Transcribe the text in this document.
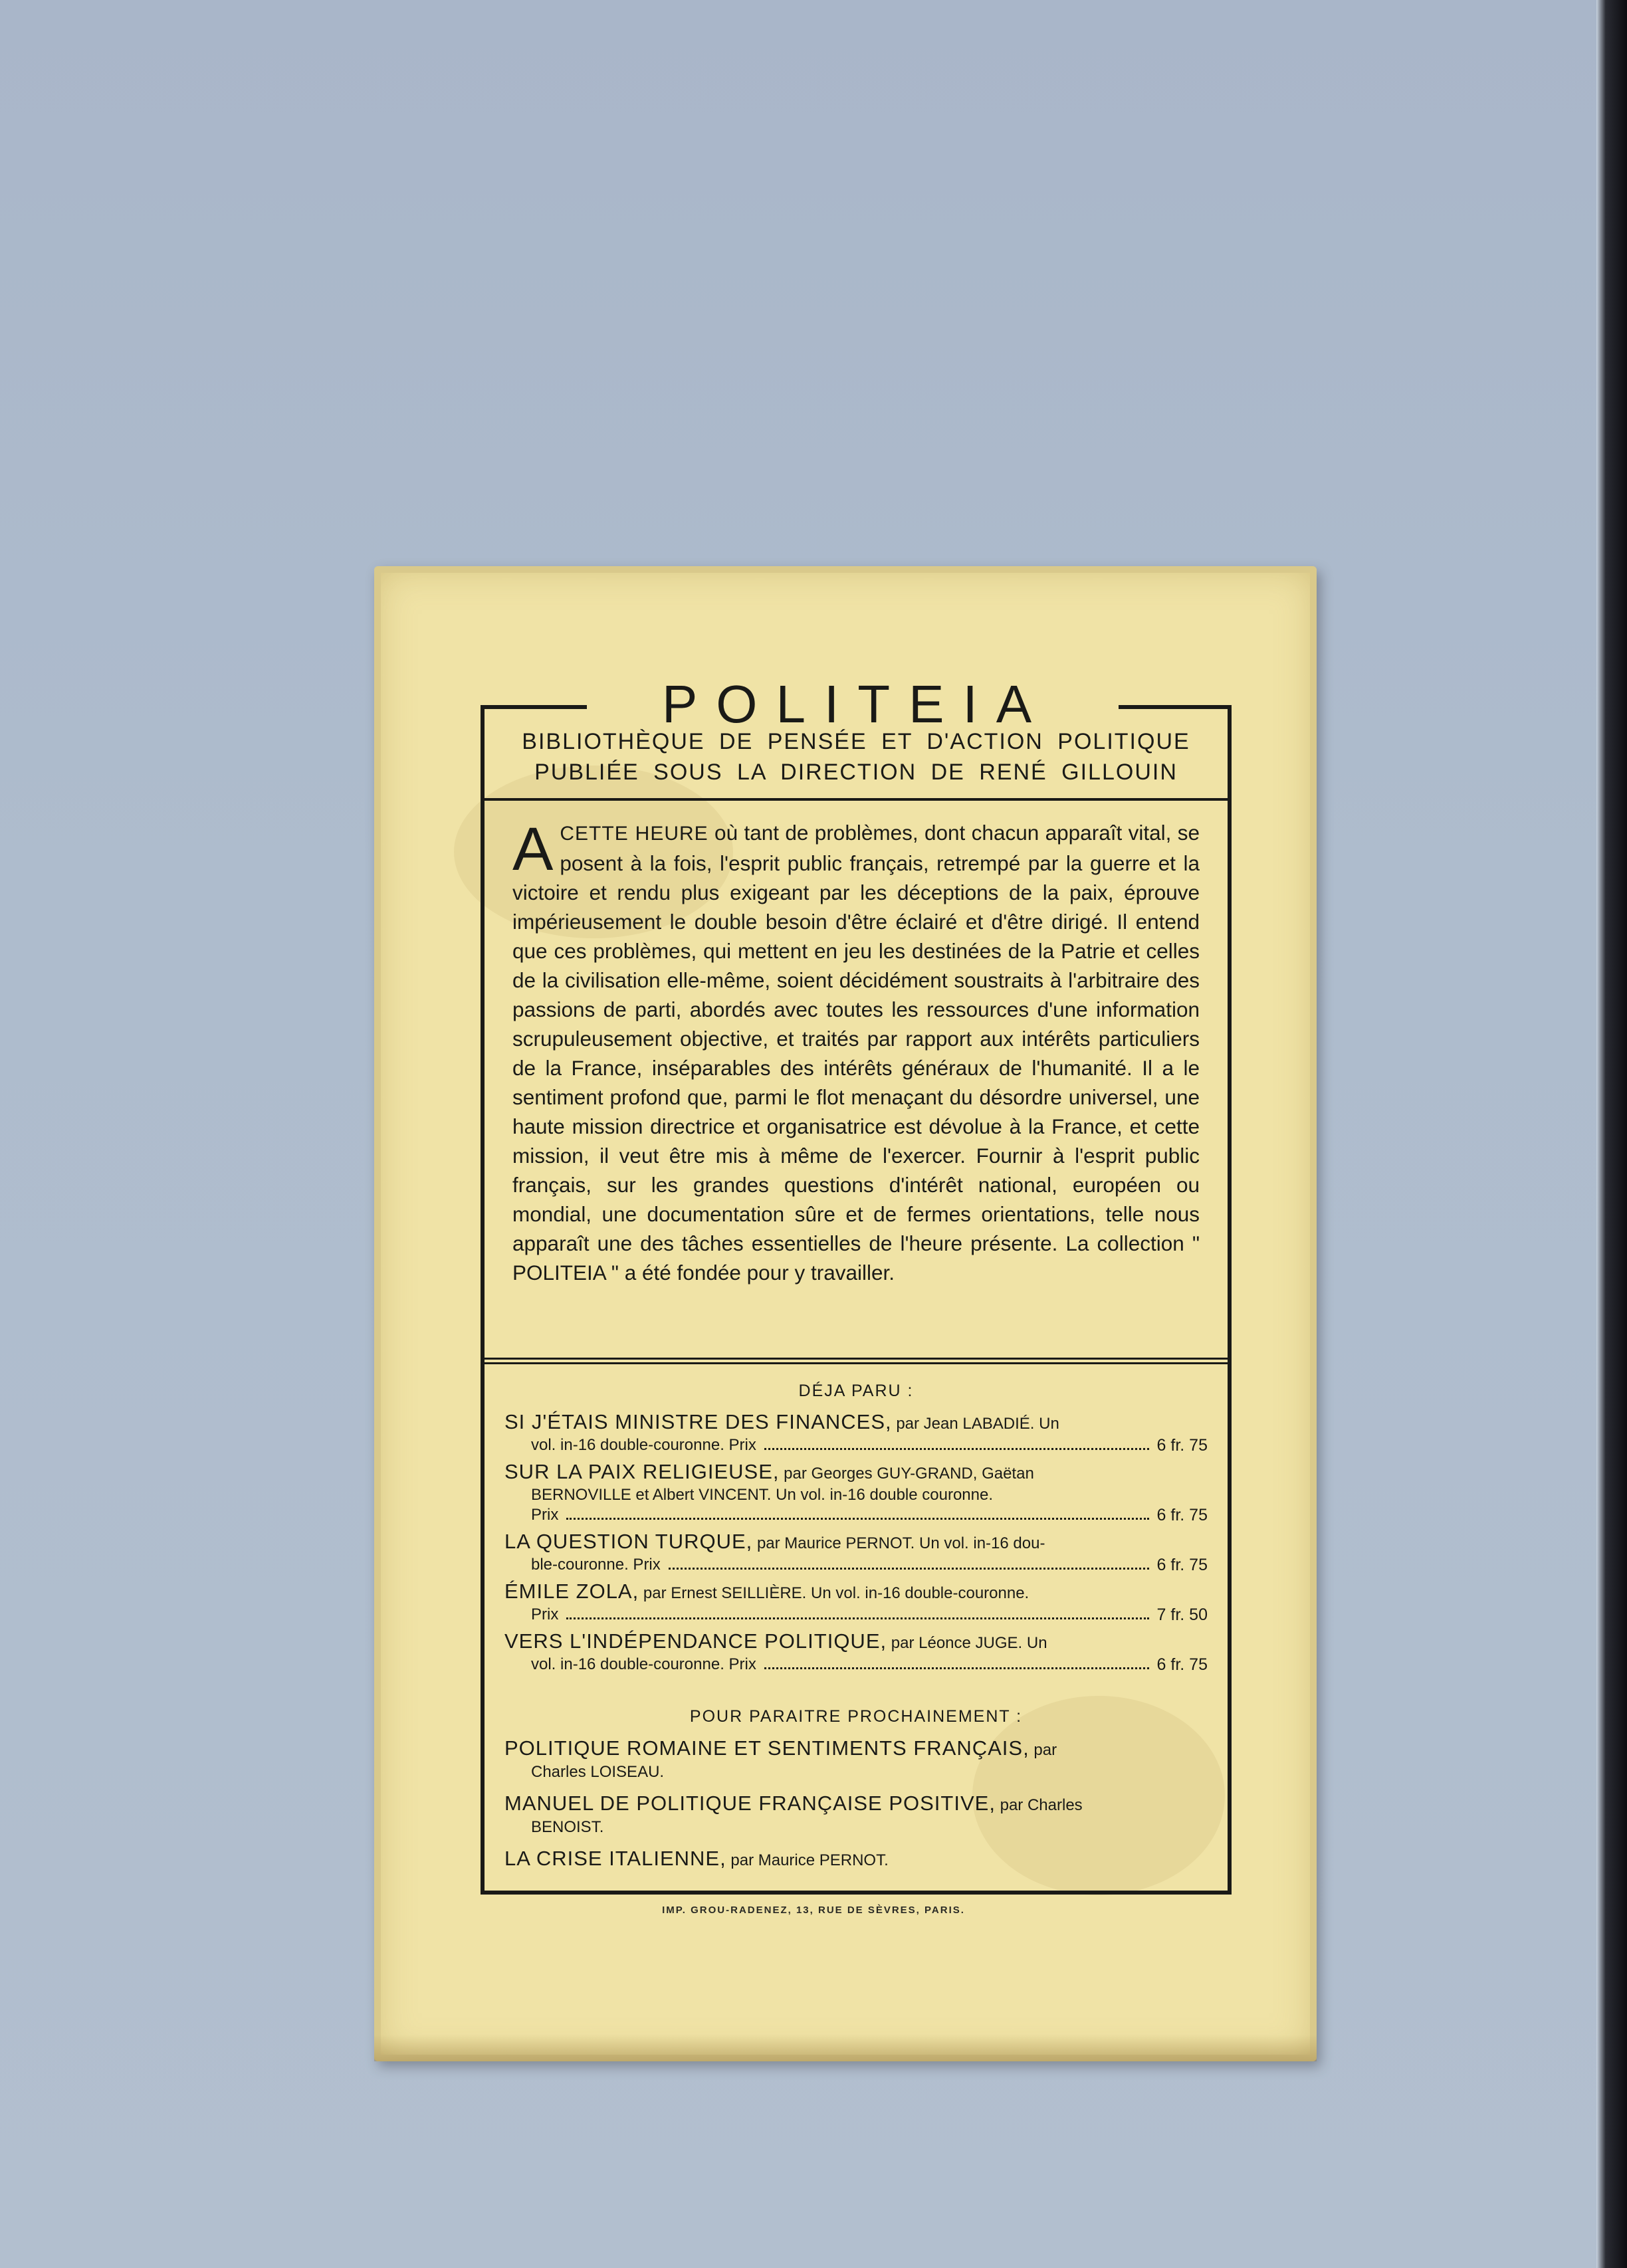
POLITEIA
BIBLIOTHÈQUE DE PENSÉE ET D'ACTION POLITIQUE
PUBLIÉE SOUS LA DIRECTION DE RENÉ GILLOUIN
ACETTE HEURE où tant de problèmes, dont chacun apparaît vital, se posent à la fois, l'esprit public français, retrempé par la guerre et la victoire et rendu plus exigeant par les déceptions de la paix, éprouve impérieusement le double besoin d'être éclairé et d'être dirigé. Il entend que ces problèmes, qui mettent en jeu les destinées de la Patrie et celles de la civilisation elle-même, soient décidément soustraits à l'arbitraire des passions de parti, abordés avec toutes les ressources d'une information scrupuleusement objective, et traités par rapport aux intérêts particuliers de la France, inséparables des intérêts généraux de l'humanité. Il a le sentiment profond que, parmi le flot menaçant du désordre universel, une haute mission directrice et organisatrice est dévolue à la France, et cette mission, il veut être mis à même de l'exercer. Fournir à l'esprit public français, sur les grandes questions d'intérêt national, européen ou mondial, une documentation sûre et de fermes orientations, telle nous apparaît une des tâches essentielles de l'heure présente. La collection " POLITEIA " a été fondée pour y travailler.
DÉJA PARU :
SI J'ÉTAIS MINISTRE DES FINANCES, par Jean LABADIÉ. Un
vol. in-16 double-couronne. Prix	6 fr. 75
SUR LA PAIX RELIGIEUSE, par Georges GUY-GRAND, Gaëtan
BERNOVILLE et Albert VINCENT. Un vol. in-16 double couronne.
Prix	6 fr. 75
LA QUESTION TURQUE, par Maurice PERNOT. Un vol. in-16 dou-
ble-couronne. Prix	6 fr. 75
ÉMILE ZOLA, par Ernest SEILLIÈRE. Un vol. in-16 double-couronne.
Prix	7 fr. 50
VERS L'INDÉPENDANCE POLITIQUE, par Léonce JUGE. Un
vol. in-16 double-couronne. Prix	6 fr. 75
POUR PARAITRE PROCHAINEMENT :
POLITIQUE ROMAINE ET SENTIMENTS FRANÇAIS, par
Charles LOISEAU.
MANUEL DE POLITIQUE FRANÇAISE POSITIVE, par Charles
BENOIST.
LA CRISE ITALIENNE, par Maurice PERNOT.
IMP. GROU-RADENEZ, 13, RUE DE SÈVRES, PARIS.
